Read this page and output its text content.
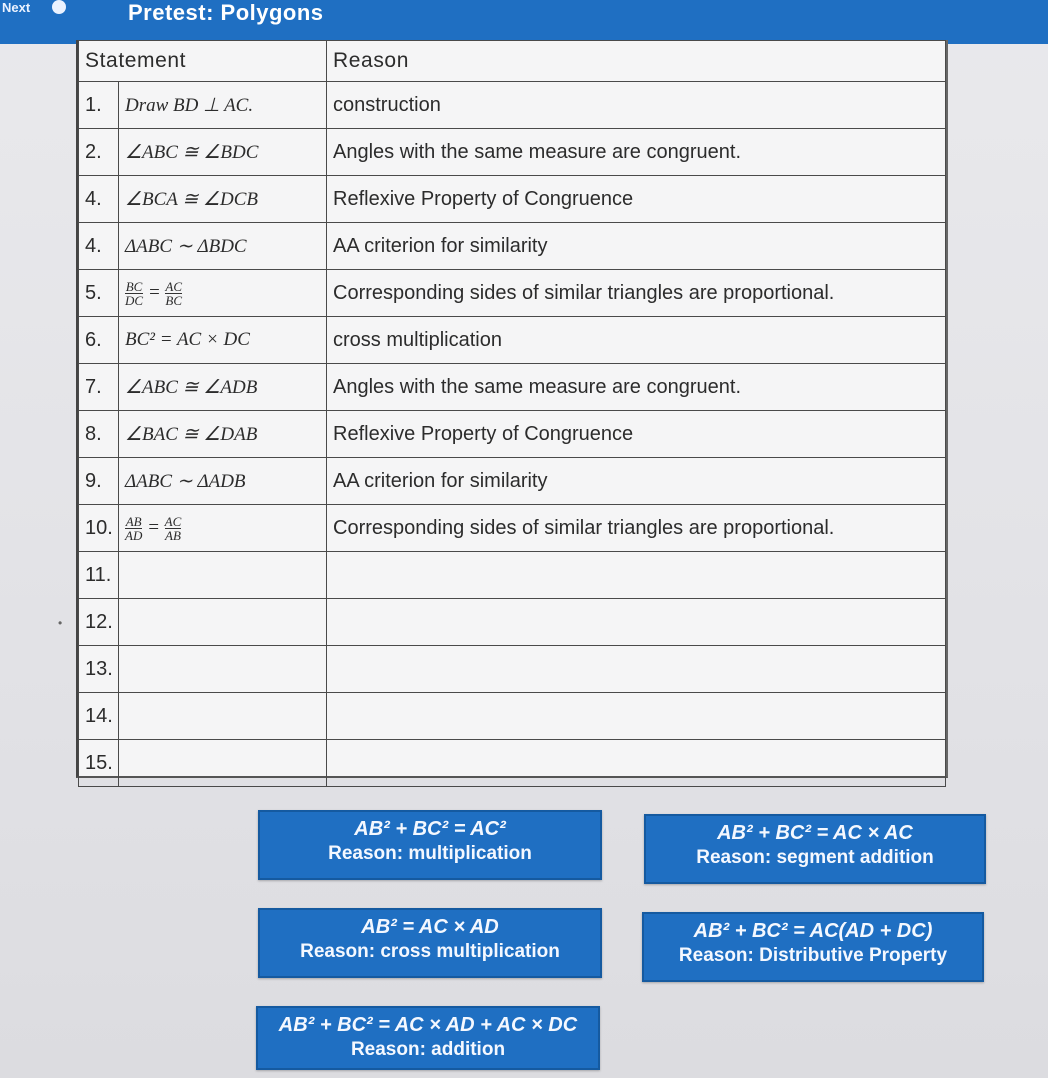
Next	Pretest: Polygons
Statement		Reason
1.	Draw BD ⊥ AC.	construction
2.	∠ABC ≅ ∠BDC	Angles with the same measure are congruent.
4.	∠BCA ≅ ∠DCB	Reflexive Property of Congruence
4.	ΔABC ∼ ΔBDC	AA criterion for similarity
5.	$\frac{BC}{DC} = \frac{AC}{BC}$	Corresponding sides of similar triangles are proportional.
6.	BC² = AC × DC	cross multiplication
7.	∠ABC ≅ ∠ADB	Angles with the same measure are congruent.
8.	∠BAC ≅ ∠DAB	Reflexive Property of Congruence
9.	ΔABC ∼ ΔADB	AA criterion for similarity
10.	$\frac{AB}{AD} = \frac{AC}{AB}$	Corresponding sides of similar triangles are proportional.
11.		
12.		
13.		
14.		
15.		
•
AB² + BC² = AC²
Reason: multiplication
AB² + BC² = AC × AC
Reason: segment addition
AB² = AC × AD
Reason: cross multiplication
AB² + BC² = AC(AD + DC)
Reason: Distributive Property
AB² + BC² = AC × AD + AC × DC
Reason: addition
